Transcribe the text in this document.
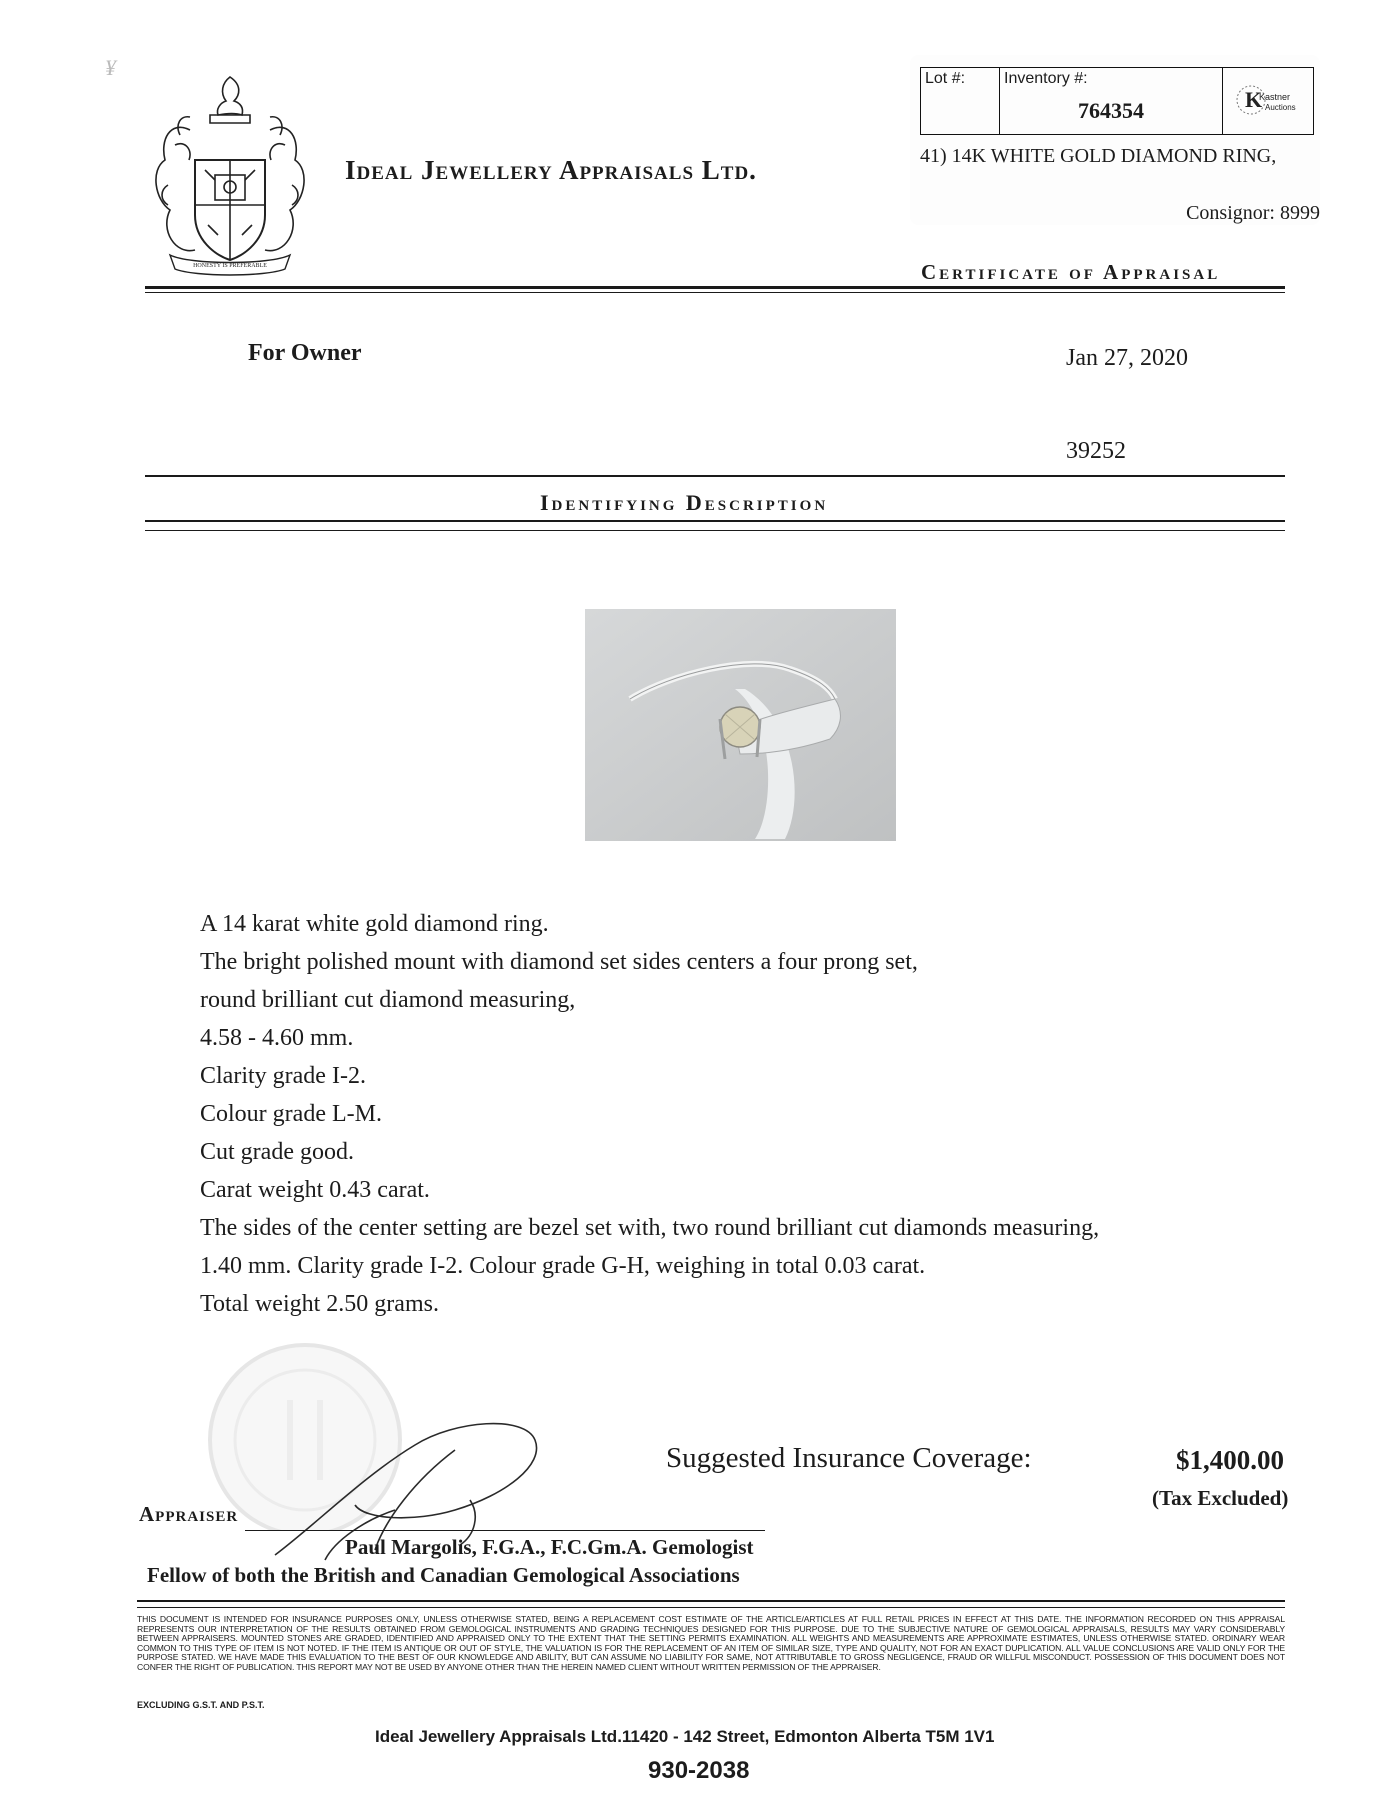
¥
HONESTY IS PREFERABLE
Ideal Jewellery Appraisals Ltd.
Lot #: Inventory #:
764354	K
Kastner
Auctions
41) 14K WHITE GOLD DIAMOND RING,
Consignor: 8999
Certificate of Appraisal
For Owner	Jan 27, 2020
39252
Identifying Description
A 14 karat white gold diamond ring.
The bright polished mount with diamond set sides centers a four prong set,
round brilliant cut diamond measuring,
4.58 - 4.60 mm.
Clarity grade I-2.
Colour grade L-M.
Cut grade good.
Carat weight 0.43 carat.
The sides of the center setting are bezel set with, two round brilliant cut diamonds measuring,
1.40 mm. Clarity grade I-2. Colour grade G-H, weighing in total 0.03 carat.
Total weight 2.50 grams.
Suggested Insurance Coverage:	$1,400.00
(Tax Excluded)
Appraiser
Paul Margolis, F.G.A., F.C.Gm.A. Gemologist
Fellow of both the British and Canadian Gemological Associations
THIS DOCUMENT IS INTENDED FOR INSURANCE PURPOSES ONLY, UNLESS OTHERWISE STATED, BEING A REPLACEMENT COST ESTIMATE OF THE ARTICLE/ARTICLES AT FULL RETAIL PRICES IN EFFECT AT THIS DATE. THE INFORMATION RECORDED ON THIS APPRAISAL REPRESENTS OUR INTERPRETATION OF THE RESULTS OBTAINED FROM GEMOLOGICAL INSTRUMENTS AND GRADING TECHNIQUES DESIGNED FOR THIS PURPOSE. DUE TO THE SUBJECTIVE NATURE OF GEMOLOGICAL APPRAISALS, RESULTS MAY VARY CONSIDERABLY BETWEEN APPRAISERS. MOUNTED STONES ARE GRADED, IDENTIFIED AND APPRAISED ONLY TO THE EXTENT THAT THE SETTING PERMITS EXAMINATION. ALL WEIGHTS AND MEASUREMENTS ARE APPROXIMATE ESTIMATES, UNLESS OTHERWISE STATED. ORDINARY WEAR COMMON TO THIS TYPE OF ITEM IS NOT NOTED. IF THE ITEM IS ANTIQUE OR OUT OF STYLE, THE VALUATION IS FOR THE REPLACEMENT OF AN ITEM OF SIMILAR SIZE, TYPE AND QUALITY, NOT FOR AN EXACT DUPLICATION. ALL VALUE CONCLUSIONS ARE VALID ONLY FOR THE PURPOSE STATED. WE HAVE MADE THIS EVALUATION TO THE BEST OF OUR KNOWLEDGE AND ABILITY, BUT CAN ASSUME NO LIABILITY FOR SAME, NOT ATTRIBUTABLE TO GROSS NEGLIGENCE, FRAUD OR WILLFUL MISCONDUCT. POSSESSION OF THIS DOCUMENT DOES NOT CONFER THE RIGHT OF PUBLICATION. THIS REPORT MAY NOT BE USED BY ANYONE OTHER THAN THE HEREIN NAMED CLIENT WITHOUT WRITTEN PERMISSION OF THE APPRAISER.
EXCLUDING G.S.T. AND P.S.T.
Ideal Jewellery Appraisals Ltd.11420 - 142 Street, Edmonton Alberta T5M 1V1
930-2038
